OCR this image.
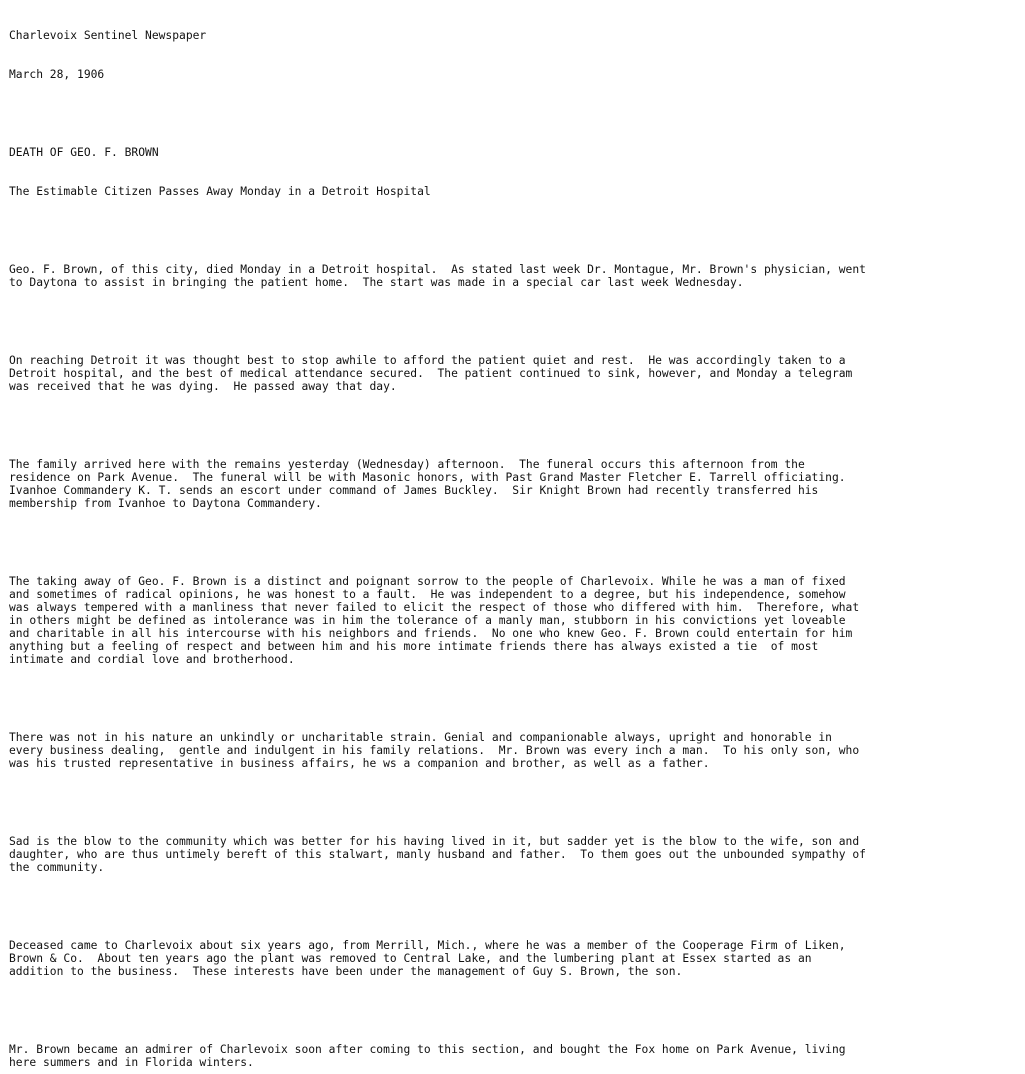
Charlevoix Sentinel Newspaper

March 28, 1906

DEATH OF GEO. F. BROWN

The Estimable Citizen Passes Away Monday in a Detroit Hospital

Geo. F. Brown, of this city, died Monday in a Detroit hospital.  As stated last week Dr. Montague, Mr. Brown's physician, went
to Daytona to assist in bringing the patient home.  The start was made in a special car last week Wednesday.

On reaching Detroit it was thought best to stop awhile to afford the patient quiet and rest.  He was accordingly taken to a
Detroit hospital, and the best of medical attendance secured.  The patient continued to sink, however, and Monday a telegram
was received that he was dying.  He passed away that day.

The family arrived here with the remains yesterday (Wednesday) afternoon.  The funeral occurs this afternoon from the
residence on Park Avenue.  The funeral will be with Masonic honors, with Past Grand Master Fletcher E. Tarrell officiating.
Ivanhoe Commandery K. T. sends an escort under command of James Buckley.  Sir Knight Brown had recently transferred his
membership from Ivanhoe to Daytona Commandery.

The taking away of Geo. F. Brown is a distinct and poignant sorrow to the people of Charlevoix. While he was a man of fixed
and sometimes of radical opinions, he was honest to a fault.  He was independent to a degree, but his independence, somehow
was always tempered with a manliness that never failed to elicit the respect of those who differed with him.  Therefore, what
in others might be defined as intolerance was in him the tolerance of a manly man, stubborn in his convictions yet loveable
and charitable in all his intercourse with his neighbors and friends.  No one who knew Geo. F. Brown could entertain for him
anything but a feeling of respect and between him and his more intimate friends there has always existed a tie  of most
intimate and cordial love and brotherhood.

There was not in his nature an unkindly or uncharitable strain. Genial and companionable always, upright and honorable in
every business dealing,  gentle and indulgent in his family relations.  Mr. Brown was every inch a man.  To his only son, who
was his trusted representative in business affairs, he ws a companion and brother, as well as a father.

Sad is the blow to the community which was better for his having lived in it, but sadder yet is the blow to the wife, son and
daughter, who are thus untimely bereft of this stalwart, manly husband and father.  To them goes out the unbounded sympathy of
the community.

Deceased came to Charlevoix about six years ago, from Merrill, Mich., where he was a member of the Cooperage Firm of Liken,
Brown & Co.  About ten years ago the plant was removed to Central Lake, and the lumbering plant at Essex started as an
addition to the business.  These interests have been under the management of Guy S. Brown, the son.

Mr. Brown became an admirer of Charlevoix soon after coming to this section, and bought the Fox home on Park Avenue, living
here summers and in Florida winters.
